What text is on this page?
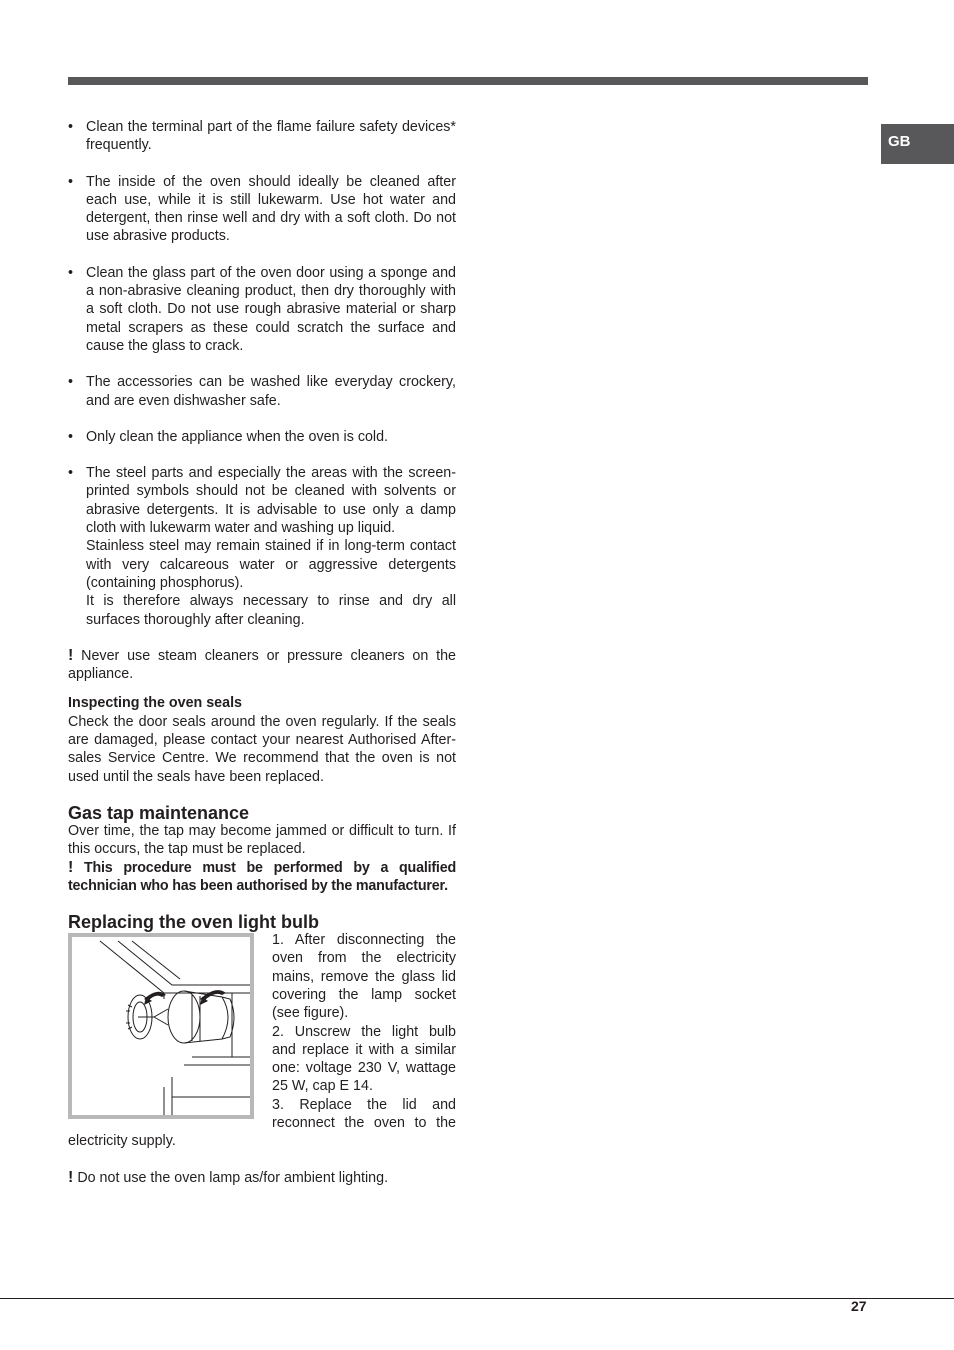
GB
• Clean the terminal part of the flame failure safety devices* frequently.
• The inside of the oven should ideally be cleaned after each use, while it is still lukewarm. Use hot water and detergent, then rinse well and dry with a soft cloth. Do not use abrasive products.
• Clean the glass part of the oven door using a sponge and a non-abrasive cleaning product, then dry thoroughly with a soft cloth. Do not use rough abrasive material or sharp metal scrapers as these could scratch the surface and cause the glass to crack.
• The accessories can be washed like everyday crockery, and are even dishwasher safe.
• Only clean the appliance when the oven is cold.
• The steel parts and especially the areas with the screen-printed symbols should not be cleaned with solvents or abrasive detergents. It is advisable to use only a damp cloth with lukewarm water and washing up liquid.
Stainless steel may remain stained if in long-term contact with very calcareous water or aggressive detergents (containing phosphorus).
It is therefore always necessary to rinse and dry all surfaces thoroughly after cleaning.

! Never use steam cleaners or pressure cleaners on the appliance.

Inspecting the oven seals

Check the door seals around the oven regularly. If the seals are damaged, please contact your nearest Authorised After-sales Service Centre. We recommend that the oven is not used until the seals have been replaced.

Gas tap maintenance

Over time, the tap may become jammed or difficult to turn. If this occurs, the tap must be replaced.

! This procedure must be performed by a qualified technician who has been authorised by the manufacturer.

Replacing the oven light bulb

1. After disconnecting the oven from the electricity mains, remove the glass lid covering the lamp socket (see figure).

2. Unscrew the light bulb and replace it with a similar one: voltage 230 V, wattage 25 W, cap E 14.

3. Replace the lid and reconnect the oven to the electricity supply.

! Do not use the oven lamp as/for ambient lighting.

27
